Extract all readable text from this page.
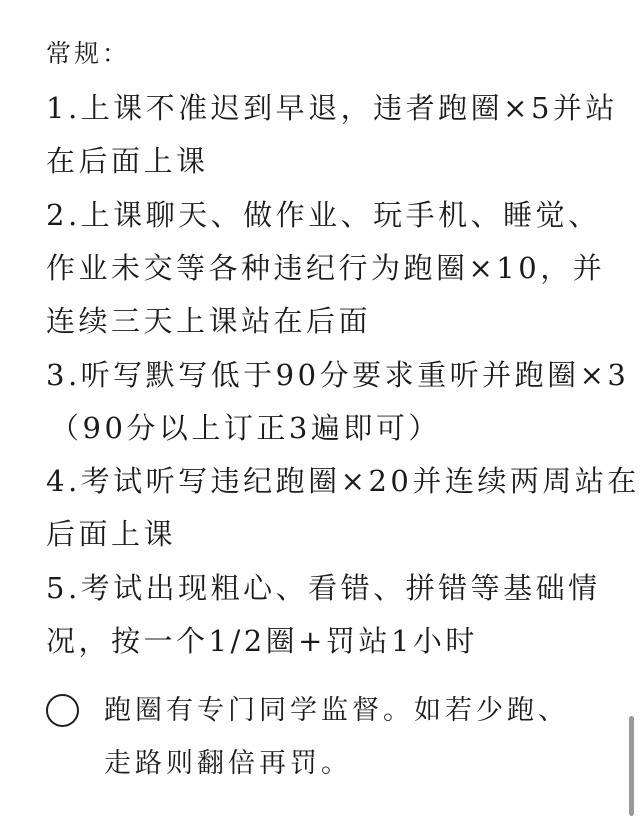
常规：
1.上课不准迟到早退，违者跑圈×5并站
在后面上课
2.上课聊天、做作业、玩手机、睡觉、
作业未交等各种违纪行为跑圈×10，并
连续三天上课站在后面
3.听写默写低于90分要求重听并跑圈×3
（90分以上订正3遍即可）
4.考试听写违纪跑圈×20并连续两周站在
后面上课
5.考试出现粗心、看错、拼错等基础情
况，按一个1/2圈+罚站1小时
跑圈有专门同学监督。如若少跑、
走路则翻倍再罚。
